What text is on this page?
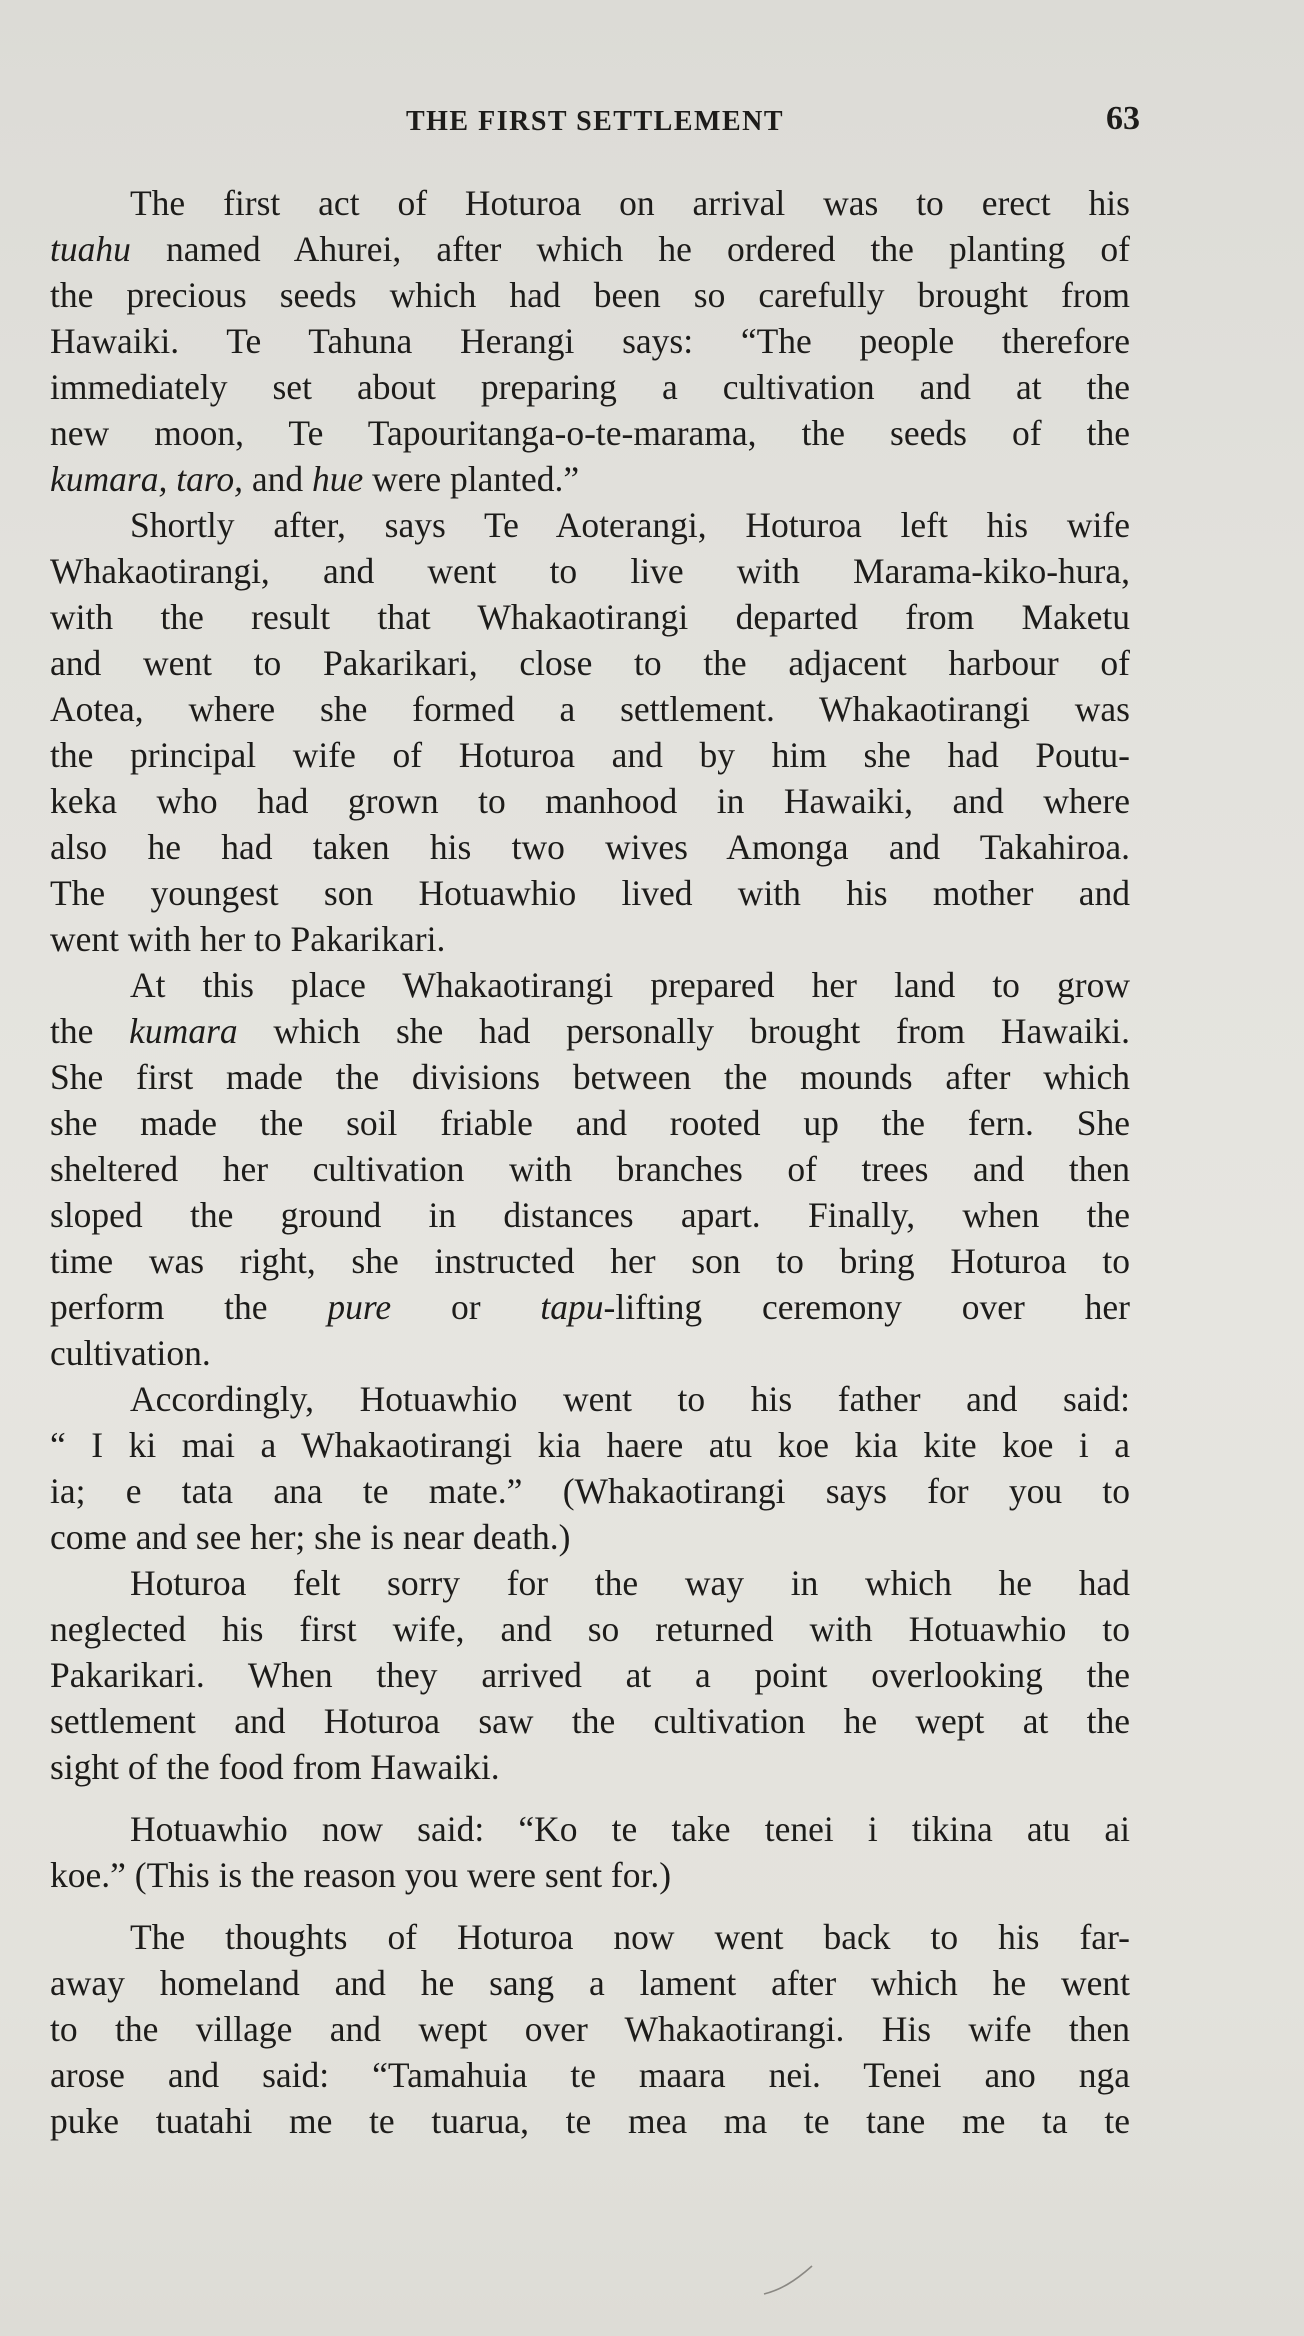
THE FIRST SETTLEMENT	63
The first act of Hoturoa on arrival was to erect his
tuahu named Ahurei, after which he ordered the planting of
the precious seeds which had been so carefully brought from
Hawaiki. Te Tahuna Herangi says: “The people therefore
immediately set about preparing a cultivation and at the
new moon, Te Tapouritanga-o-te-marama, the seeds of the
kumara, taro, and hue were planted.”
Shortly after, says Te Aoterangi, Hoturoa left his wife
Whakaotirangi, and went to live with Marama-kiko-hura,
with the result that Whakaotirangi departed from Maketu
and went to Pakarikari, close to the adjacent harbour of
Aotea, where she formed a settlement. Whakaotirangi was
the principal wife of Hoturoa and by him she had Poutu-
keka who had grown to manhood in Hawaiki, and where
also he had taken his two wives Amonga and Takahiroa.
The youngest son Hotuawhio lived with his mother and
went with her to Pakarikari.
At this place Whakaotirangi prepared her land to grow
the kumara which she had personally brought from Hawaiki.
She first made the divisions between the mounds after which
she made the soil friable and rooted up the fern. She
sheltered her cultivation with branches of trees and then
sloped the ground in distances apart. Finally, when the
time was right, she instructed her son to bring Hoturoa to
perform the pure or tapu-lifting ceremony over her
cultivation.
Accordingly, Hotuawhio went to his father and said:
“ I ki mai a Whakaotirangi kia haere atu koe kia kite koe i a
ia; e tata ana te mate.” (Whakaotirangi says for you to
come and see her; she is near death.)
Hoturoa felt sorry for the way in which he had
neglected his first wife, and so returned with Hotuawhio to
Pakarikari. When they arrived at a point overlooking the
settlement and Hoturoa saw the cultivation he wept at the
sight of the food from Hawaiki.
Hotuawhio now said: “Ko te take tenei i tikina atu ai
koe.” (This is the reason you were sent for.)
The thoughts of Hoturoa now went back to his far-
away homeland and he sang a lament after which he went
to the village and wept over Whakaotirangi. His wife then
arose and said: “Tamahuia te maara nei. Tenei ano nga
puke tuatahi me te tuarua, te mea ma te tane me ta te
